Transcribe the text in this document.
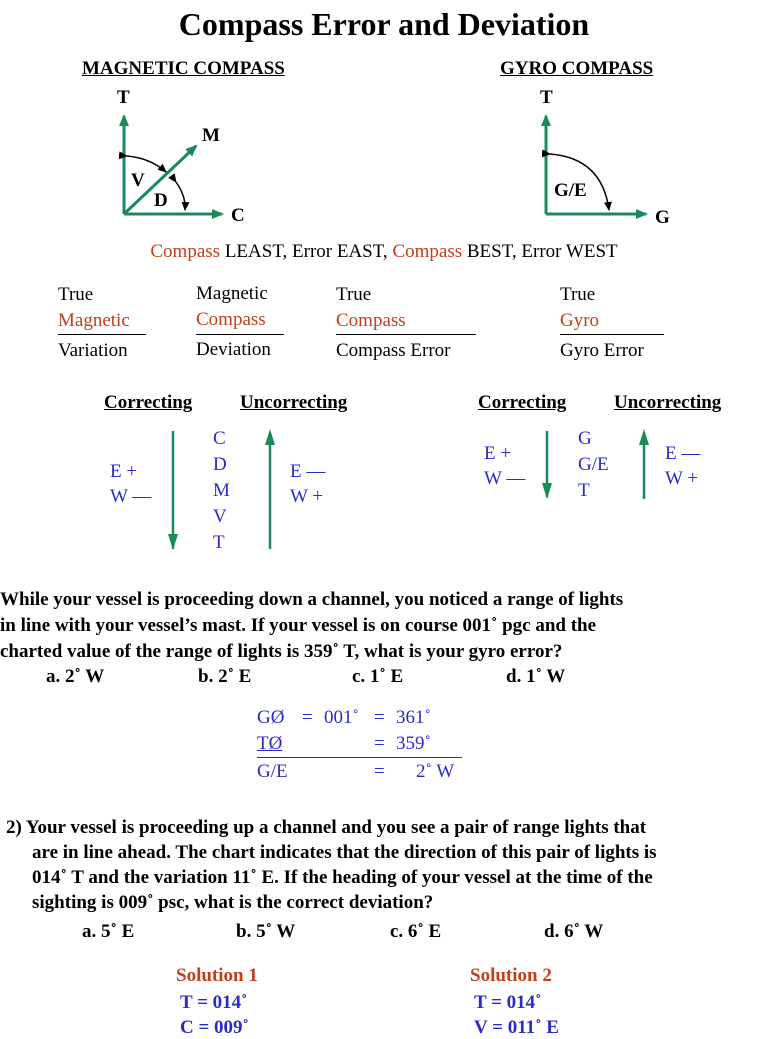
Compass Error and Deviation
MAGNETIC COMPASS	GYRO COMPASS
T
M
V
D
C
T
G/E
G
Compass LEAST, Error EAST, Compass BEST, Error WEST
True
Magnetic
Variation
Magnetic
Compass
Deviation
True
Compass
Compass Error
True
Gyro
Gyro Error
Correcting	Uncorrecting
E +
W —
E —
W +
C
D
M
V
T
Correcting	Uncorrecting
E +
W —
E —
W +
G
G/E
T
While your vessel is proceeding down a channel, you noticed a range of lights
in line with your vessel’s mast. If your vessel is on course 001˚ pgc and the
charted value of the range of lights is 359˚ T, what is your gyro error?
a. 2˚ W	b. 2˚ E	c. 1˚ E	d. 1˚ W
GØ = 001˚ = 361˚
TØ	= 359˚
G/E	= 2˚ W
2) Your vessel is proceeding up a channel and you see a pair of range lights that
are in line ahead. The chart indicates that the direction of this pair of lights is
014˚ T and the variation 11˚ E. If the heading of your vessel at the time of the
sighting is 009˚ psc, what is the correct deviation?
a. 5˚ E	b. 5˚ W	c. 6˚ E	d. 6˚ W
Solution 1
T = 014˚
C = 009˚
Solution 2
T = 014˚
V = 011˚ E
